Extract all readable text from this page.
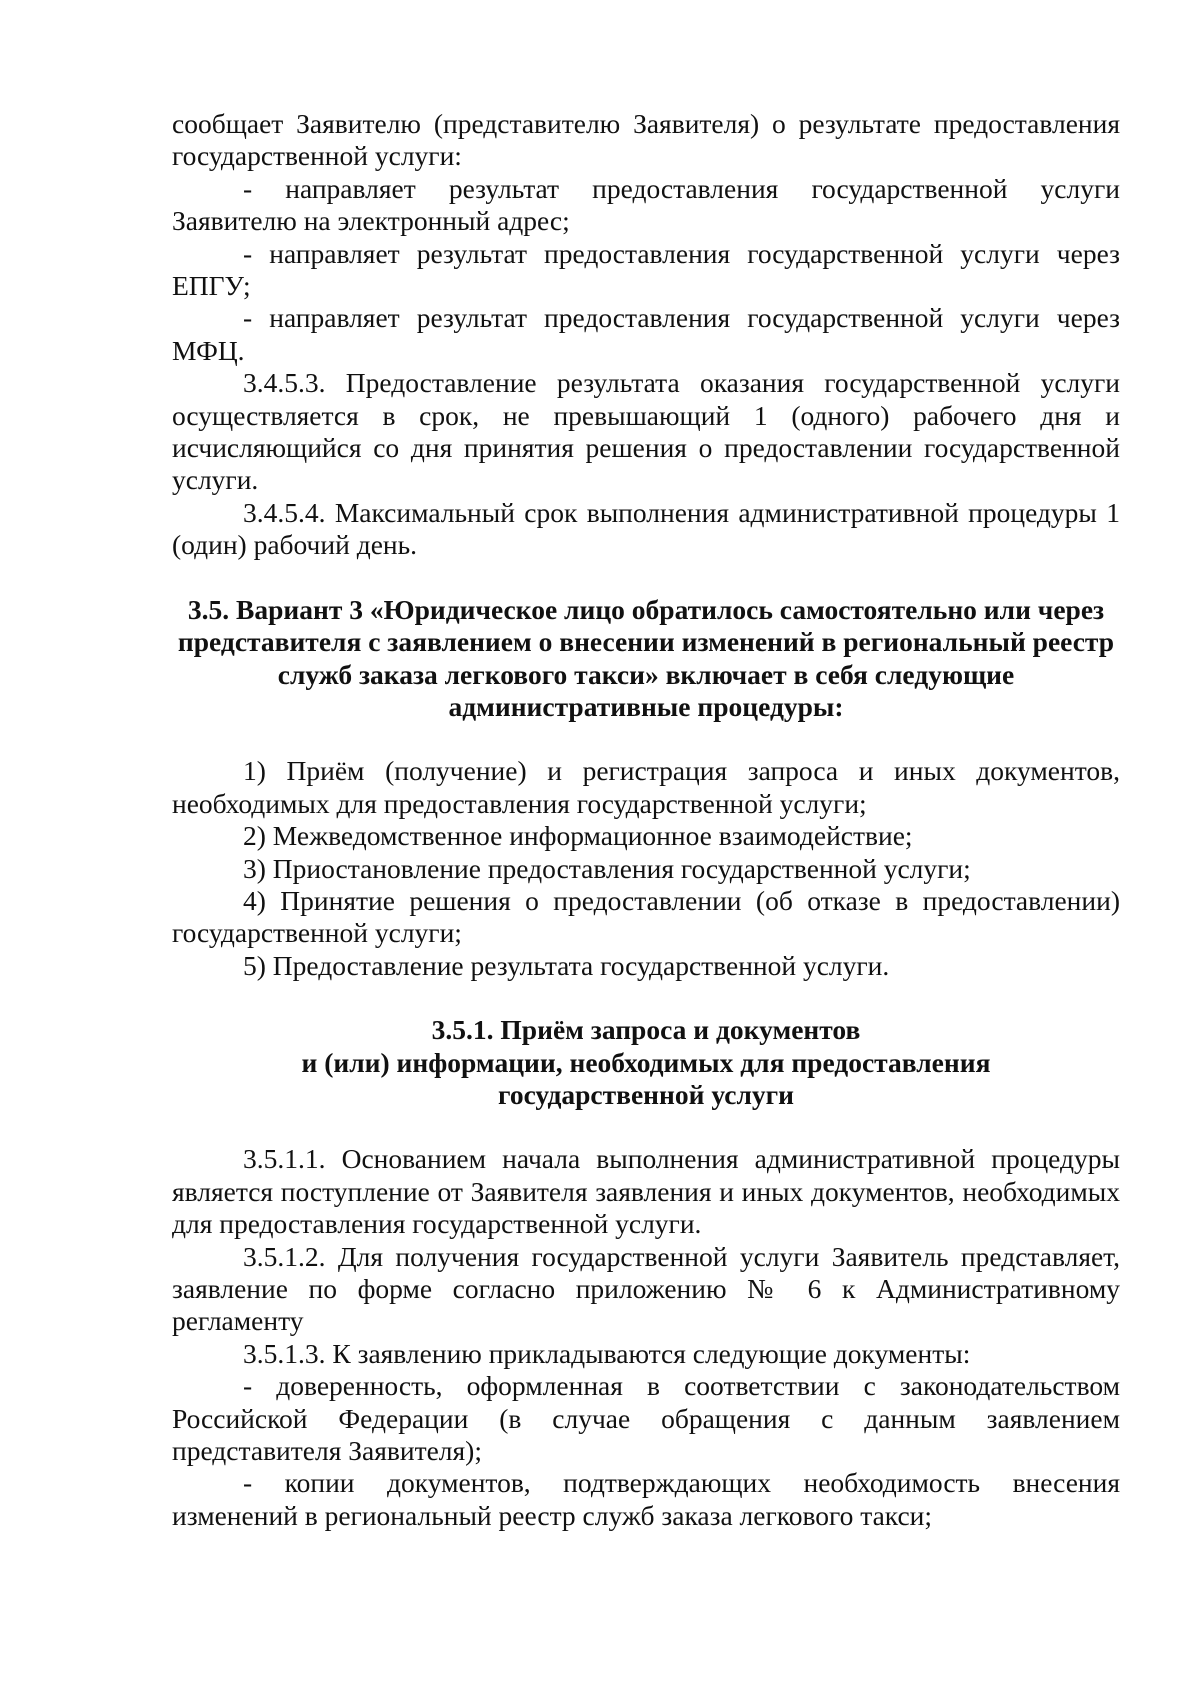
сообщает Заявителю (представителю Заявителя) о результате предоставления государственной услуги:

- направляет результат предоставления государственной услуги Заявителю на электронный адрес;

- направляет результат предоставления государственной услуги через ЕПГУ;

- направляет результат предоставления государственной услуги через МФЦ.

3.4.5.3. Предоставление результата оказания государственной услуги осуществляется в срок, не превышающий 1 (одного) рабочего дня и исчисляющийся со дня принятия решения о предоставлении государственной услуги.

3.4.5.4. Максимальный срок выполнения административной процедуры 1 (один) рабочий день.

3.5. Вариант 3 «Юридическое лицо обратилось самостоятельно или через представителя с заявлением о внесении изменений в региональный реестр служб заказа легкового такси» включает в себя следующие административные процедуры:

1) Приём (получение) и регистрация запроса и иных документов, необходимых для предоставления государственной услуги;

2) Межведомственное информационное взаимодействие;

3) Приостановление предоставления государственной услуги;

4) Принятие решения о предоставлении (об отказе в предоставлении) государственной услуги;

5) Предоставление результата государственной услуги.

3.5.1. Приём запроса и документов

и (или) информации, необходимых для предоставления

государственной услуги

3.5.1.1. Основанием начала выполнения административной процедуры является поступление от Заявителя заявления и иных документов, необходимых для предоставления государственной услуги.

3.5.1.2. Для получения государственной услуги Заявитель представляет, заявление по форме согласно приложению № 6 к Административному регламенту

3.5.1.3. К заявлению прикладываются следующие документы:

- доверенность, оформленная в соответствии с законодательством Российской Федерации (в случае обращения с данным заявлением представителя Заявителя);

- копии документов, подтверждающих необходимость внесения изменений в региональный реестр служб заказа легкового такси;
